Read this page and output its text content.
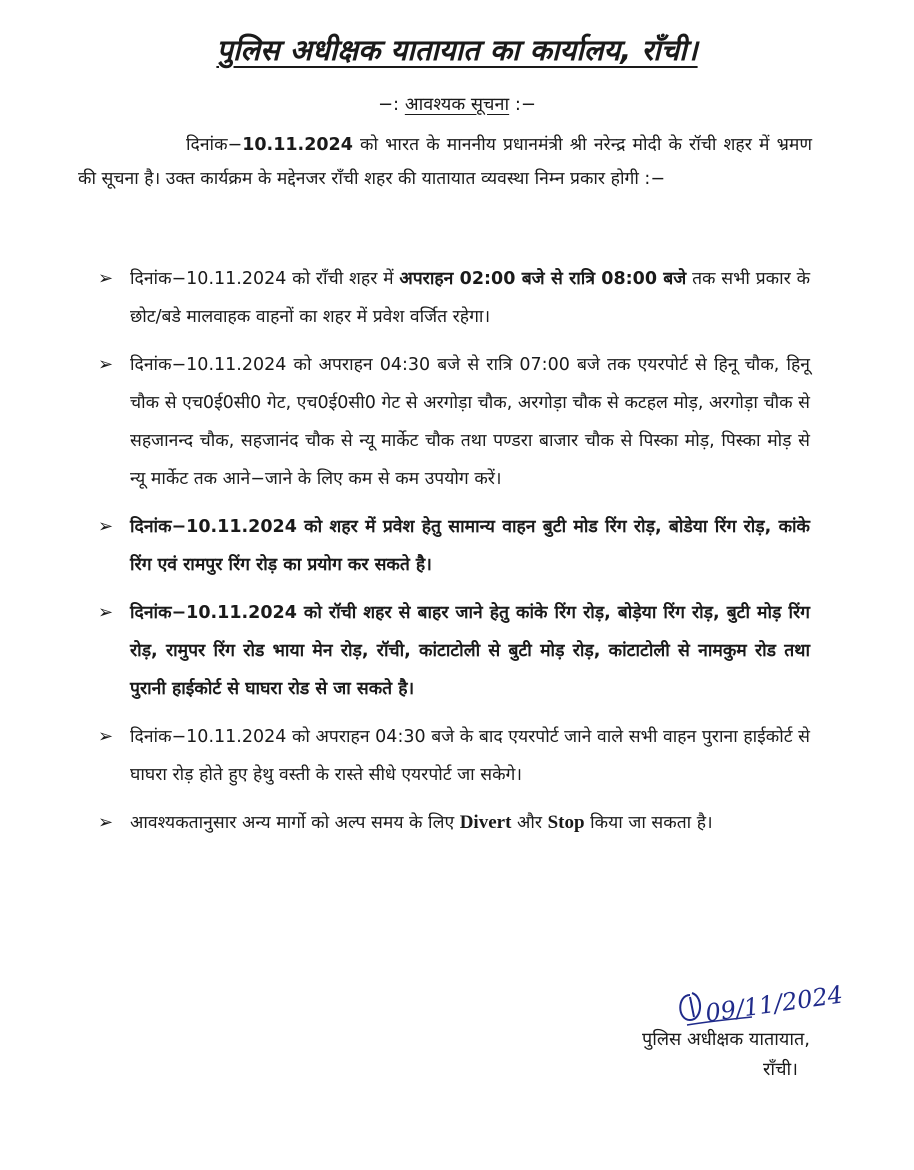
पुलिस अधीक्षक यातायात का कार्यालय, राँची।
−: आवश्यक सूचना :−
दिनांक−10.11.2024 को भारत के माननीय प्रधानमंत्री श्री नरेन्द्र मोदी के रॉची शहर में भ्रमण की सूचना है। उक्त कार्यक्रम के मद्देनजर राँची शहर की यातायात व्यवस्था निम्न प्रकार होगी :−
➢ दिनांक−10.11.2024 को राँची शहर में अपराहन 02:00 बजे से रात्रि 08:00 बजे तक सभी प्रकार के छोट/बडे मालवाहक वाहनों का शहर में प्रवेश वर्जित रहेगा।
➢ दिनांक−10.11.2024 को अपराहन 04:30 बजे से रात्रि 07:00 बजे तक एयरपोर्ट से हिनू चौक, हिनू चौक से एच0ई0सी0 गेट, एच0ई0सी0 गेट से अरगोड़ा चौक, अरगोड़ा चौक से कटहल मोड़, अरगोड़ा चौक से सहजानन्द चौक, सहजानंद चौक से न्यू मार्केट चौक तथा पण्डरा बाजार चौक से पिस्का मोड़, पिस्का मोड़ से न्यू मार्केट तक आने−जाने के लिए कम से कम उपयोग करें।
➢ दिनांक−10.11.2024 को शहर में प्रवेश हेतु सामान्य वाहन बुटी मोड रिंग रोड़, बोडेया रिंग रोड़, कांके रिंग एवं रामपुर रिंग रोड़ का प्रयोग कर सकते है।
➢ दिनांक−10.11.2024 को रॉची शहर से बाहर जाने हेतु कांके रिंग रोड़, बोड़ेया रिंग रोड़, बुटी मोड़ रिंग रोड़, रामुपर रिंग रोड भाया मेन रोड़, रॉची, कांटाटोली से बुटी मोड़ रोड़, कांटाटोली से नामकुम रोड तथा पुरानी हाईकोर्ट से घाघरा रोड से जा सकते है।
➢ दिनांक−10.11.2024 को अपराहन 04:30 बजे के बाद एयरपोर्ट जाने वाले सभी वाहन पुराना हाईकोर्ट से घाघरा रोड़ होते हुए हेथु वस्ती के रास्ते सीधे एयरपोर्ट जा सकेगे।
➢ आवश्यकतानुसार अन्य मार्गो को अल्प समय के लिए Divert और Stop किया जा सकता है।
09/11/2024
पुलिस अधीक्षक यातायात,
राँची।
